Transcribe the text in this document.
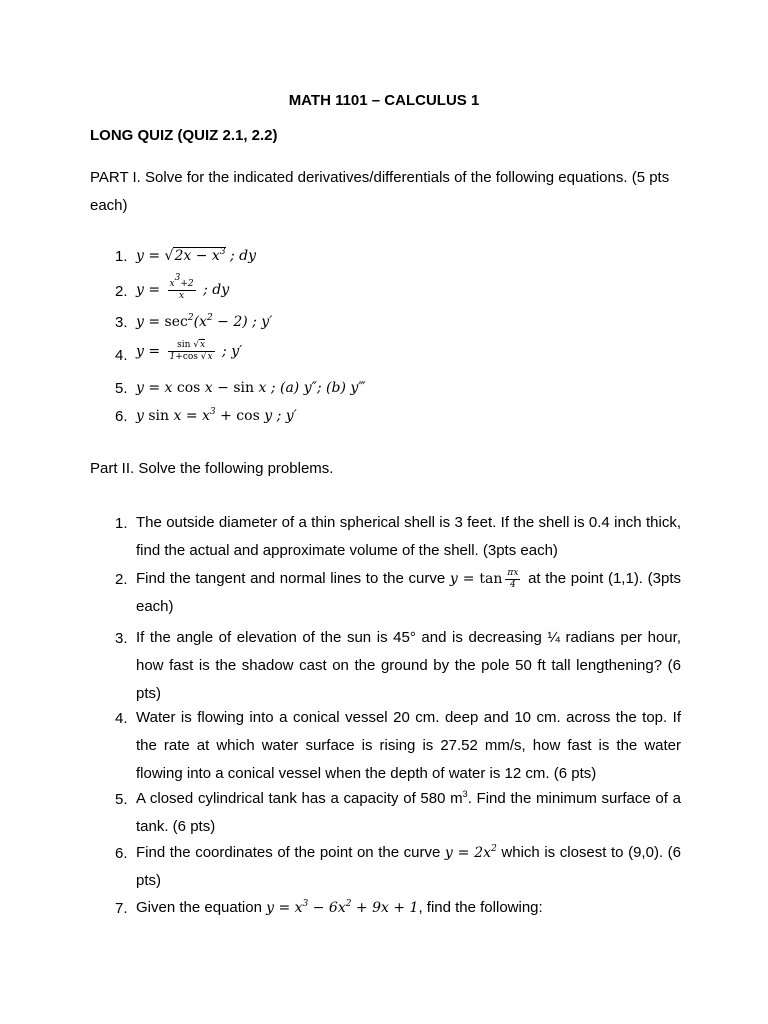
MATH 1101 – CALCULUS 1
LONG QUIZ (QUIZ 2.1, 2.2)
PART I. Solve for the indicated derivatives/differentials of the following equations. (5 pts each)
1. $y = √2x - x^3$ ; dy
2. $y = \frac{x^3+2}{x}$ ; dy
3. $y = \sec^2(x^2 - 2)$ ; y′
4. $y = \frac{\sin √x}{1+\cos √x}$ ; y′
5. y = x cos x − sin x ; (a) y″; (b) y‴
6. y $\sin x = x^3 + \cos y$ ; y′
Part II. Solve the following problems.
1. The outside diameter of a thin spherical shell is 3 feet. If the shell is 0.4 inch thick, find the actual and approximate volume of the shell. (3pts each)
2. Find the tangent and normal lines to the curve $y = \tan \frac{\pi x}{4}$ at the point (1,1). (3pts each)
3. If the angle of elevation of the sun is 45° and is decreasing ¼ radians per hour, how fast is the shadow cast on the ground by the pole 50 ft tall lengthening? (6 pts)
4. Water is flowing into a conical vessel 20 cm. deep and 10 cm. across the top. If the rate at which water surface is rising is 27.52 mm/s, how fast is the water flowing into a conical vessel when the depth of water is 12 cm. (6 pts)
5. A closed cylindrical tank has a capacity of 580 $m^3$. Find the minimum surface of a tank. (6 pts)
6. Find the coordinates of the point on the curve $y = 2x^2$ which is closest to (9,0). (6 pts)
7. Given the equation $y = x^3 - 6x^2 + 9x + 1$, find the following:
